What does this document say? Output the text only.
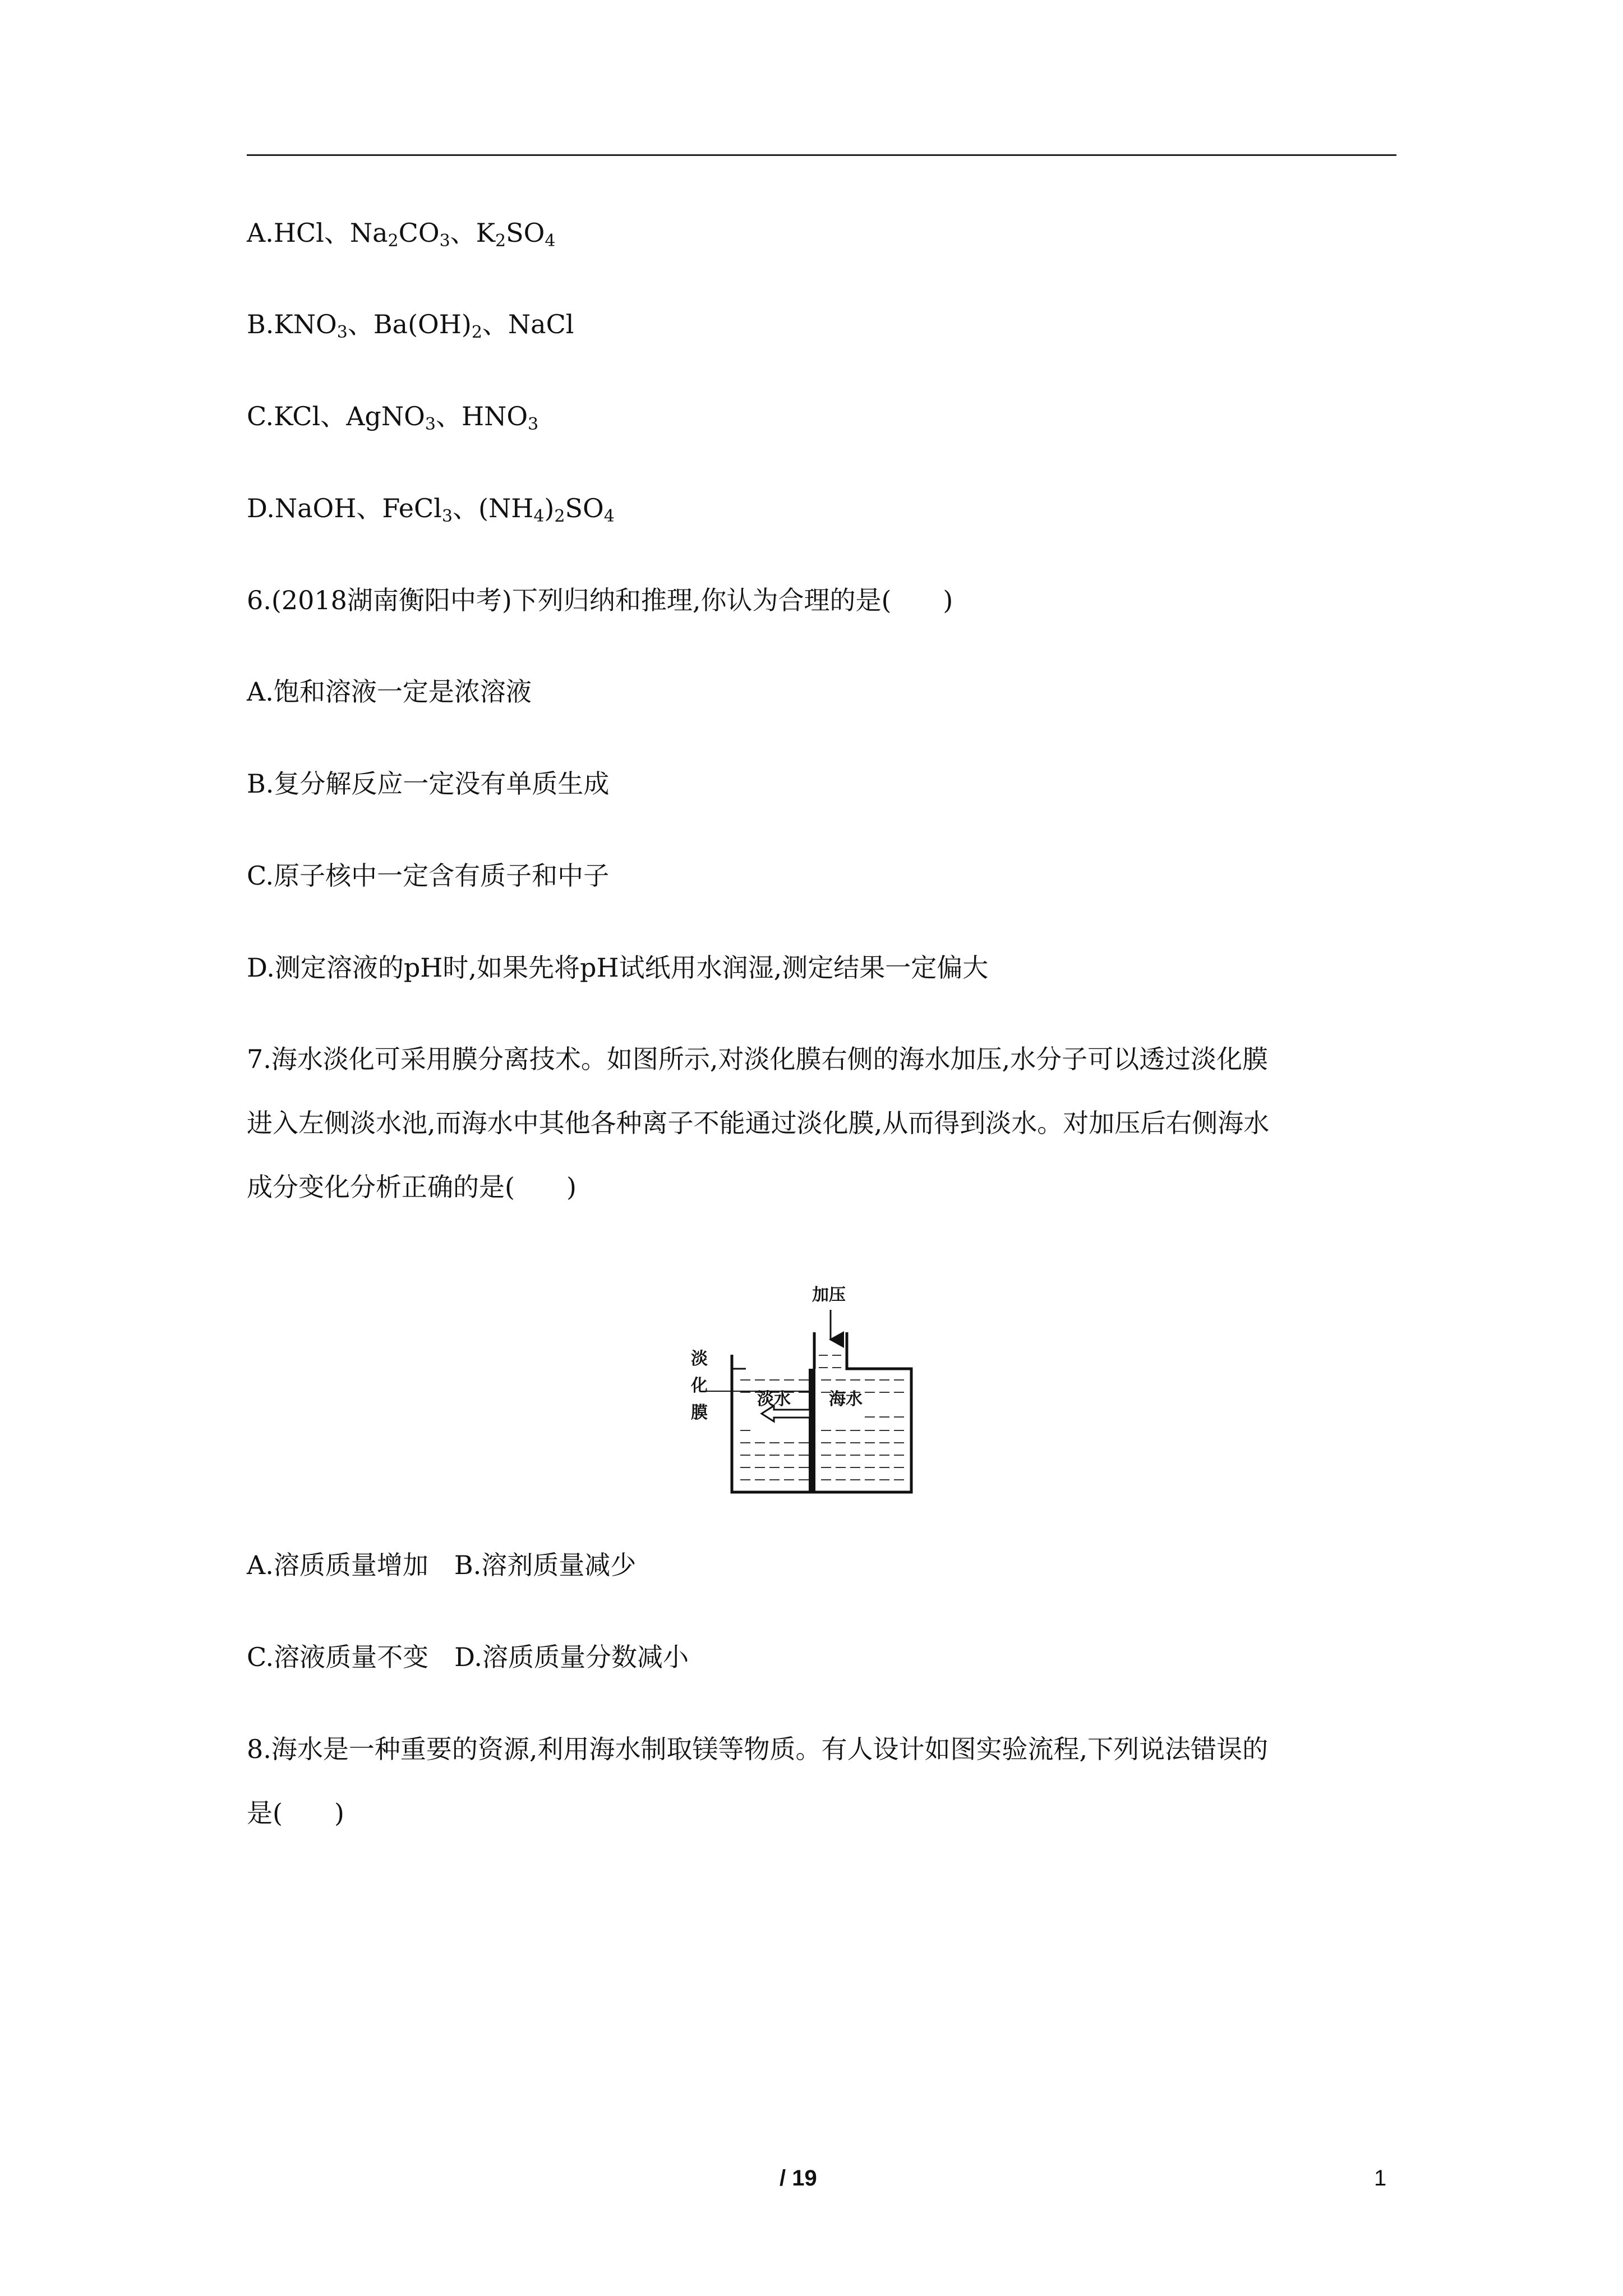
A.HCl、$Na_2CO_3$、$K_2SO_4$
$B.KNO_3$、$Ba(OH)_2$、NaCl
C.KCl、AgNO$_3$、$HNO_3$
D.NaOH、FeCl$_3$、$(NH_4)_2SO_4$
6.(2018湖南衡阳中考)下列归纳和推理,你认为合理的是(　　)
A.饱和溶液一定是浓溶液
B.复分解反应一定没有单质生成
C.原子核中一定含有质子和中子
D.测定溶液的pH时,如果先将pH试纸用水润湿,测定结果一定偏大
7.海水淡化可采用膜分离技术。如图所示,对淡化膜右侧的海水加压,水分子可以透过淡化膜
进入左侧淡水池,而海水中其他各种离子不能通过淡化膜,从而得到淡水。对加压后右侧海水
成分变化分析正确的是(　　)
加压
淡
化
膜
淡水 海水
A.溶质质量增加　B.溶剂质量减少
C.溶液质量不变　D.溶质质量分数减小
8.海水是一种重要的资源,利用海水制取镁等物质。有人设计如图实验流程,下列说法错误的
是(　　)
/ 19	1
